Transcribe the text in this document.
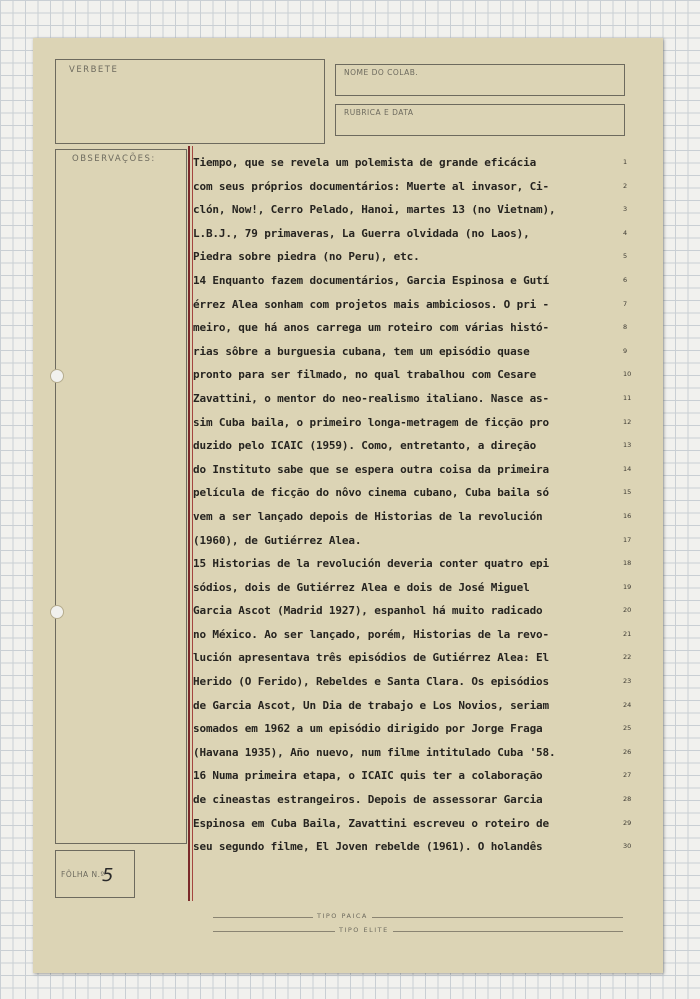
VERBETE	NOME DO COLAB.
RUBRICA E DATA
OBSERVAÇÕES:
FÔLHA N.º
5
Tiempo, que se revela um polemista de grande eficácia
com seus próprios documentários: Muerte al invasor, Ci-
clón, Now!, Cerro Pelado, Hanoi, martes 13 (no Vietnam),
L.B.J., 79 primaveras, La Guerra olvidada (no Laos),
Piedra sobre piedra (no Peru), etc.
14 Enquanto fazem documentários, Garcia Espinosa e Gutí
érrez Alea sonham com projetos mais ambiciosos. O pri -
meiro, que há anos carrega um roteiro com várias histó-
rias sôbre a burguesia cubana, tem um episódio quase
pronto para ser filmado, no qual trabalhou com Cesare
Zavattini, o mentor do neo-realismo italiano. Nasce as-
sim Cuba baila, o primeiro longa-metragem de ficção pro
duzido pelo ICAIC (1959). Como, entretanto, a direção
do Instituto sabe que se espera outra coisa da primeira
película de ficção do nôvo cinema cubano, Cuba baila só
vem a ser lançado depois de Historias de la revolución
(1960), de Gutiérrez Alea.
15 Historias de la revolución deveria conter quatro epi
sódios, dois de Gutiérrez Alea e dois de José Miguel
Garcia Ascot (Madrid 1927), espanhol há muito radicado
no México. Ao ser lançado, porém, Historias de la revo-
lución apresentava três episódios de Gutiérrez Alea: El
Herido (O Ferido), Rebeldes e Santa Clara. Os episódios
de Garcia Ascot, Un Dia de trabajo e Los Novios, seriam
somados em 1962 a um episódio dirigido por Jorge Fraga
(Havana 1935), Año nuevo, num filme intitulado Cuba '58.
16 Numa primeira etapa, o ICAIC quis ter a colaboração
de cineastas estrangeiros. Depois de assessorar Garcia
Espinosa em Cuba Baila, Zavattini escreveu o roteiro de
seu segundo filme, El Joven rebelde (1961). O holandês
1
2
3
4
5
6
7
8
9
10
11
12
13
14
15
16
17
18
19
20
21
22
23
24
25
26
27
28
29
30
TIPO PAICA
TIPO ELITE
